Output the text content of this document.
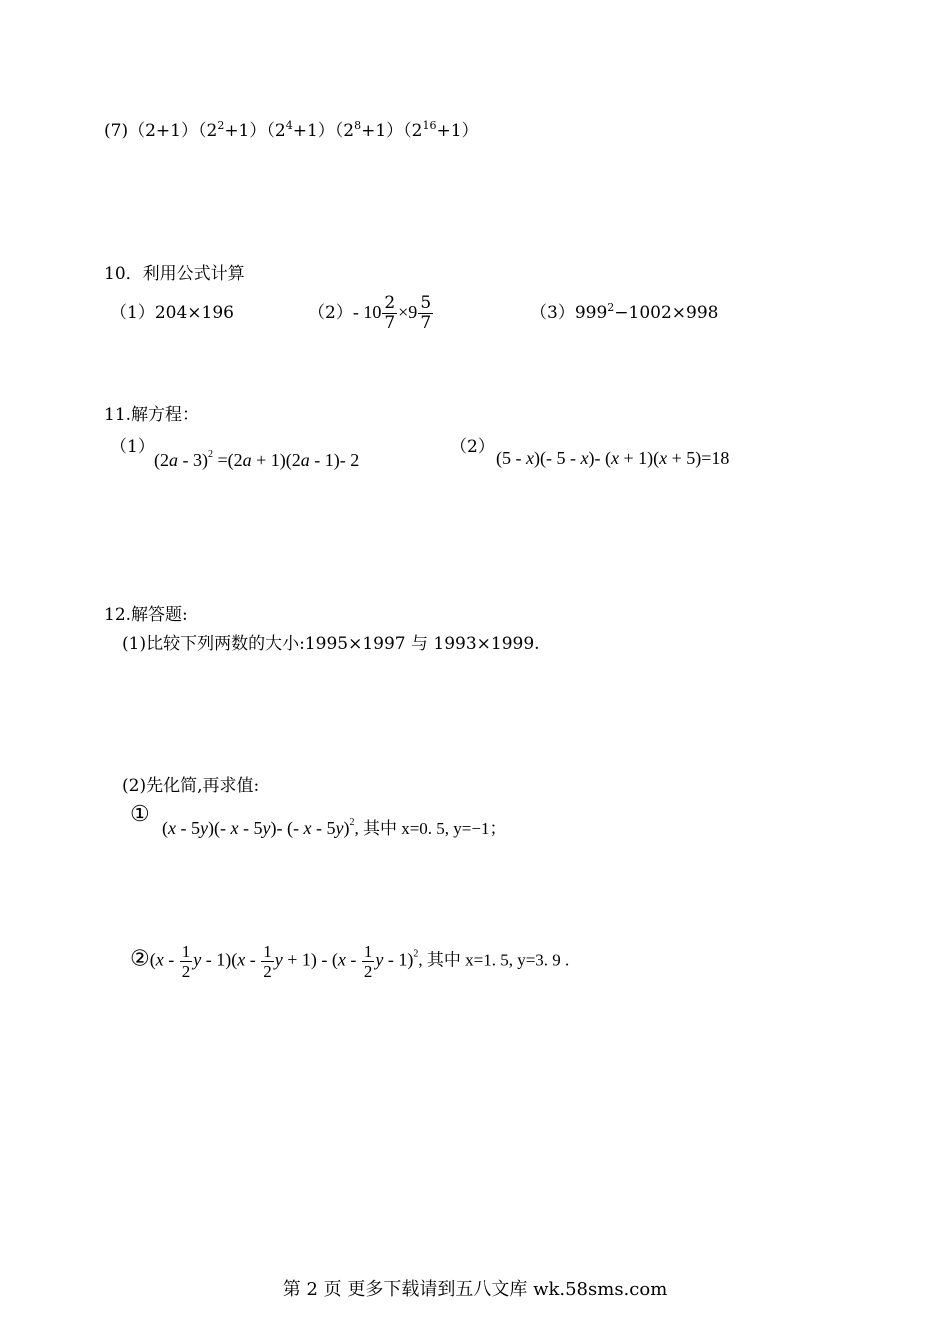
$(7)(2+1)(2^2+1)(2^4+1)(2^8+1)(2^{16}+1)$
10．利用公式计算
（1）204×196	（2）- $10 \frac{2}{7} \times 9 \frac{5}{7}$	$(3)999^2-1002\times 998$
11.解方程：
（1）
(2a - 3)$^2$ =(2a + 1)(2a - 1)- 2
（2）
(5 - x)(- 5 - x)- (x + 1)(x + 5)=18
12.解答题:
(1)比较下列两数的大小:1995×1997 与 1993×1999.
(2)先化简,再求值:
①
(x - 5y)(- x - 5y)- (- x - 5y)$^2$, 其中 x=0. 5, y=−1；
②(x - $\frac{1}{2}$ y - $1)(x - \frac{1}{2}$ $y + 1) - (x - \frac{1}{2}$ y - 1)$^2$, 其中 x=1. 5, y=3. 9 .
第 2 页 更多下载请到五八文库 wk.58sms.com
